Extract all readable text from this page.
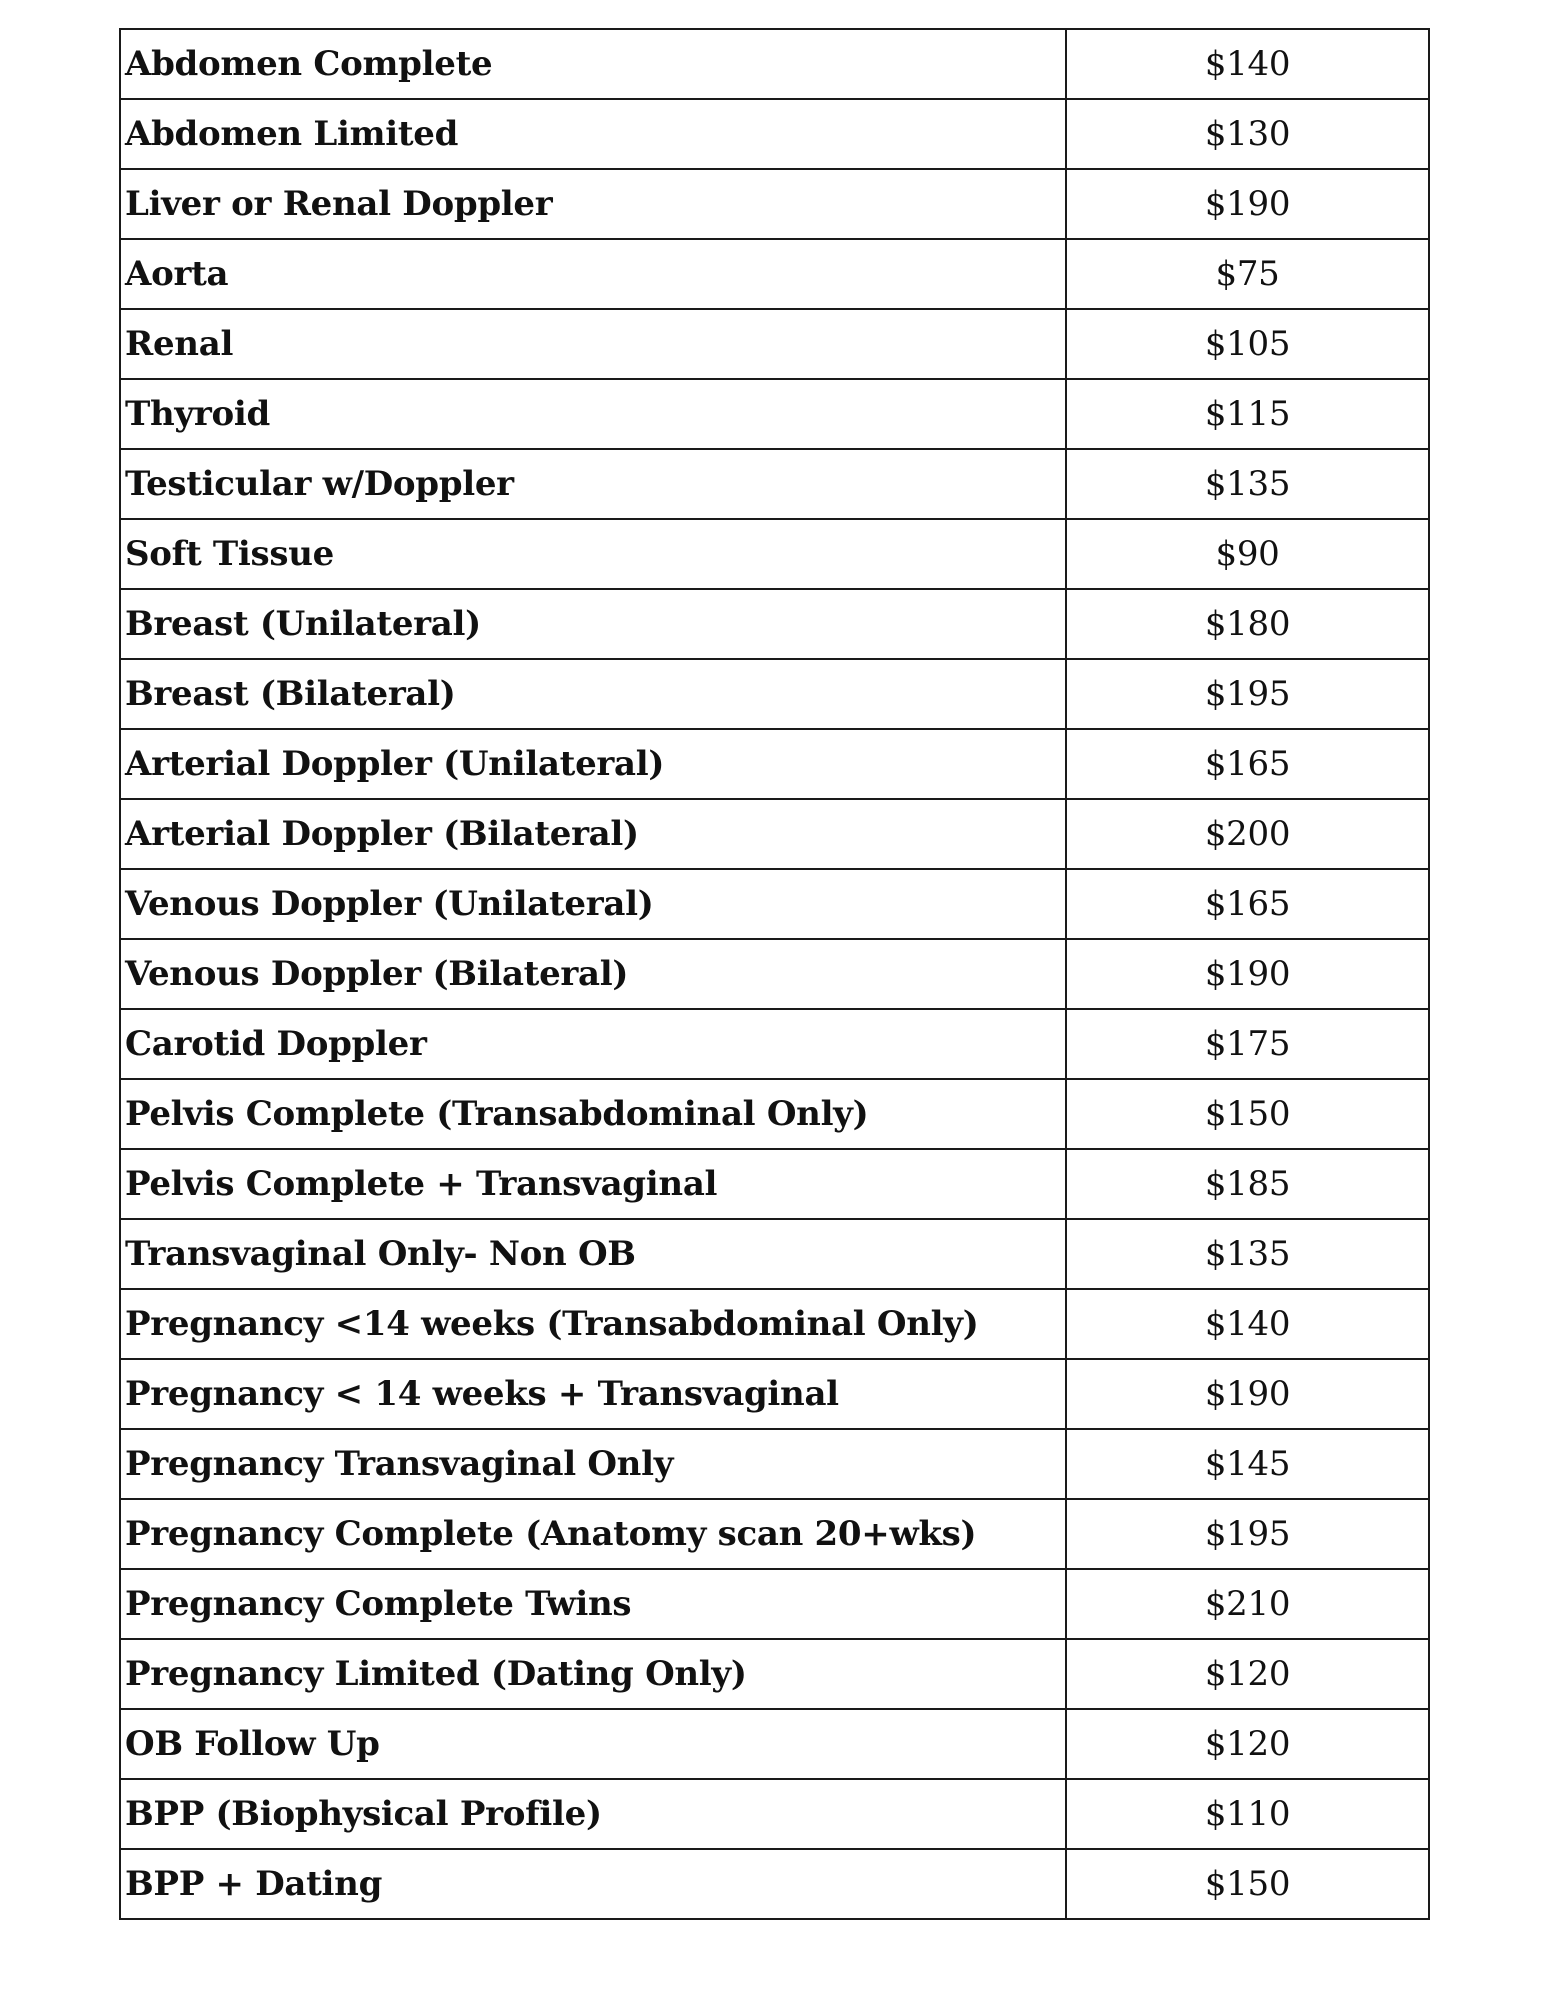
Abdomen Complete	$140
Abdomen Limited	$130
Liver or Renal Doppler	$190
Aorta	$75
Renal	$105
Thyroid	$115
Testicular w/Doppler	$135
Soft Tissue	$90
Breast (Unilateral)	$180
Breast (Bilateral)	$195
Arterial Doppler (Unilateral)	$165
Arterial Doppler (Bilateral)	$200
Venous Doppler (Unilateral)	$165
Venous Doppler (Bilateral)	$190
Carotid Doppler	$175
Pelvis Complete (Transabdominal Only)	$150
Pelvis Complete + Transvaginal	$185
Transvaginal Only- Non OB	$135
Pregnancy <14 weeks (Transabdominal Only)	$140
Pregnancy < 14 weeks + Transvaginal	$190
Pregnancy Transvaginal Only	$145
Pregnancy Complete (Anatomy scan 20+wks)	$195
Pregnancy Complete Twins	$210
Pregnancy Limited (Dating Only)	$120
OB Follow Up	$120
BPP (Biophysical Profile)	$110
BPP + Dating	$150
